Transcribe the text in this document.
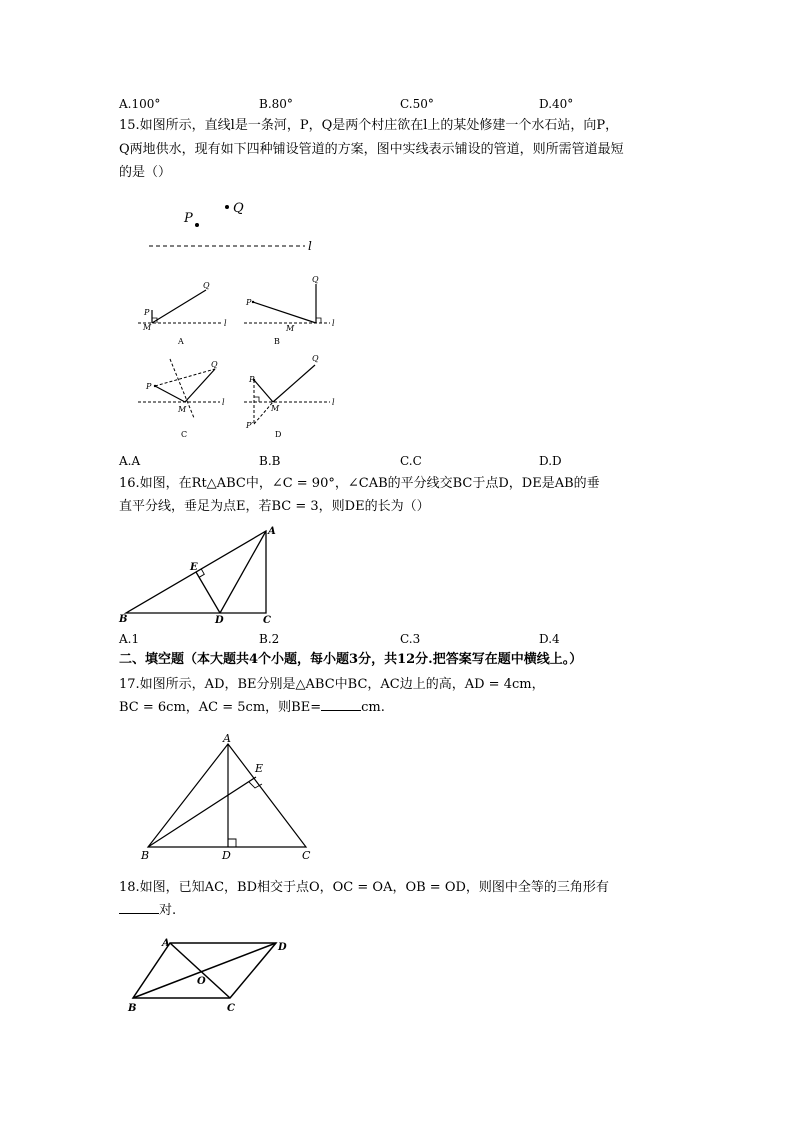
A.100°	B.80°	C.50°	D.40°
15.如图所示，直线l是一条河，P，Q是两个村庄欲在l上的某处修建一个水石站，向P，
Q两地供水，现有如下四种铺设管道的方案，图中实线表示铺设的管道，则所需管道最短
的是（）
P
Q
l
P
Q
M	l
A
P
Q
M
l
B
P
Q
M
l
C
P
Q
M
l
P′
D
A.A	B.B	C.C	D.D
16.如图，在Rt△ABC中，∠C = 90°，∠CAB的平分线交BC于点D，DE是AB的垂
直平分线，垂足为点E，若BC = 3，则DE的长为（）
A
B	C
D
E
A.1	B.2	C.3	D.4
二、填空题（本大题共4个小题，每小题3分，共12分.把答案写在题中横线上。）
17.如图所示，AD，BE分别是△ABC中BC，AC边上的高，AD = 4cm，
BC = 6cm，AC = 5cm，则BE=	cm.
A
B	C
D
E
18.如图，已知AC，BD相交于点O，OC = OA，OB = OD，则图中全等的三角形有
对.
A
B	C
D
O
